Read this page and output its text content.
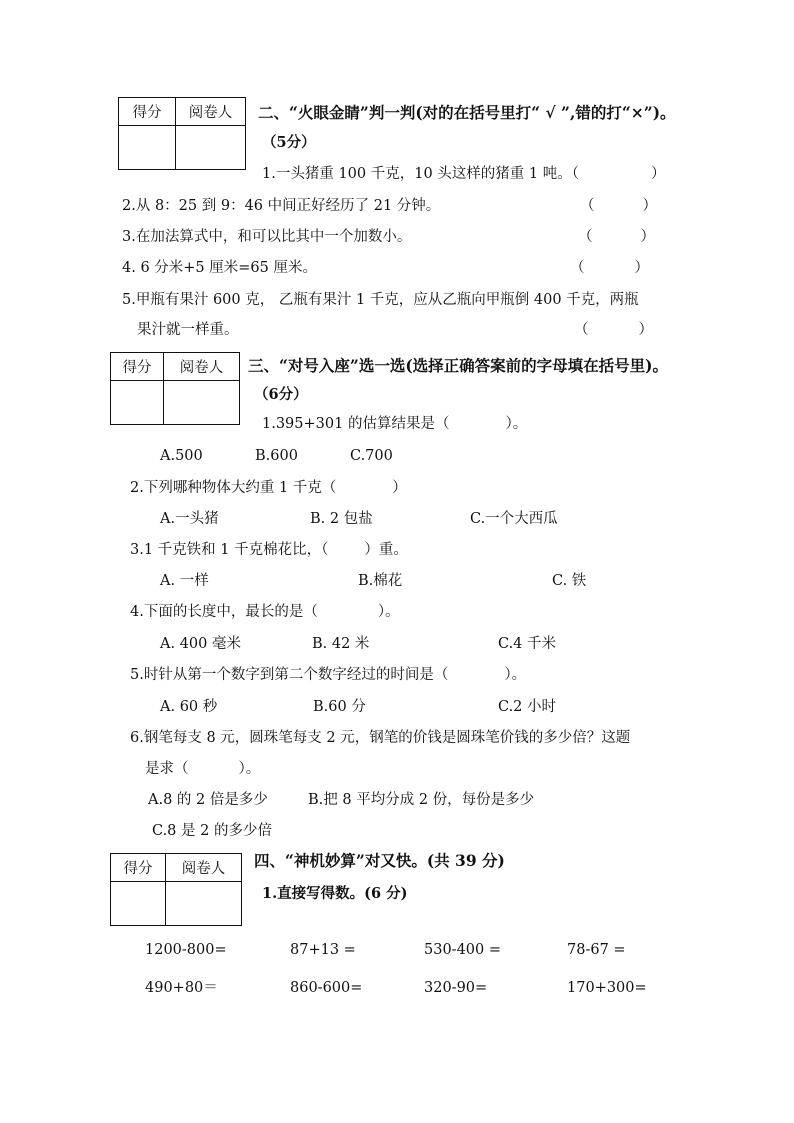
得分	阅卷人
	二、“火眼金睛”判一判(对的在括号里打“ √ ”,错的打“×”)。
（5分）
1.一头猪重 100 千克，10 头这样的猪重 1 吨。（	）
2.从 8：25 到 9：46 中间正好经历了 21 分钟。	（	）
3.在加法算式中，和可以比其中一个加数小。	（	）
4. 6 分米+5 厘米=65 厘米。	（	）
5.甲瓶有果汁 600 克， 乙瓶有果汁 1 千克，应从乙瓶向甲瓶倒 400 千克，两瓶
果汁就一样重。	（	）
得分	阅卷人
	三、“对号入座”选一选(选择正确答案前的字母填在括号里)。
（6分）
1.395+301 的估算结果是（	）。
A.500	B.600	C.700
2.下列哪种物体大约重 1 千克（	）
A.一头猪	B. 2 包盐	C.一个大西瓜
3.1 千克铁和 1 千克棉花比，（ ）重。
A. 一样	B.棉花	C. 铁
4.下面的长度中，最长的是（	）。
A. 400 毫米	B. 42 米	C.4 千米
5.时针从第一个数字到第二个数字经过的时间是（	）。
A. 60 秒	B.60 分	C.2 小时
6.钢笔每支 8 元，圆珠笔每支 2 元，钢笔的价钱是圆珠笔价钱的多少倍？这题
是求（	）。
A.8 的 2 倍是多少	B.把 8 平均分成 2 份，每份是多少
C.8 是 2 的多少倍
得分	阅卷人
	四、“神机妙算”对又快。(共 39 分)
1.直接写得数。(6 分)
1200-800=	87+13 =	530-400 =	78-67 =
490+80＝	860-600=	320-90=	170+300=
